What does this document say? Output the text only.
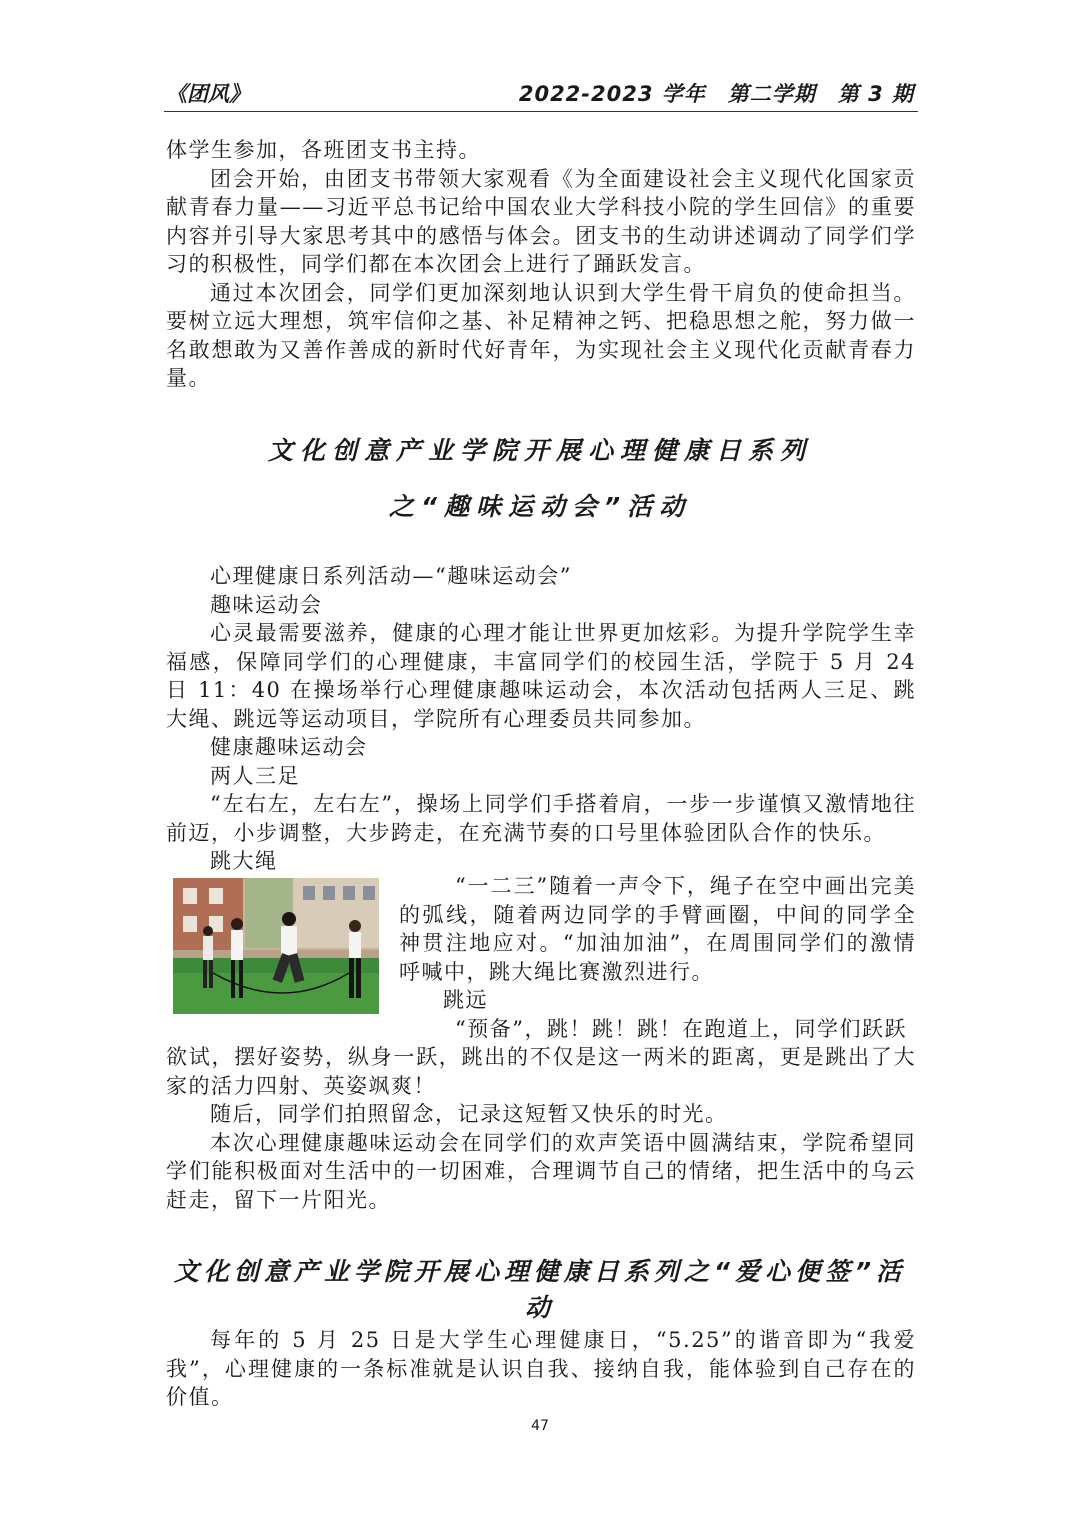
《团风》	2022-2023 学年　第二学期　第 3 期

体学生参加，各班团支书主持。

团会开始，由团支书带领大家观看《为全面建设社会主义现代化国家贡献青春力量——习近平总书记给中国农业大学科技小院的学生回信》的重要内容并引导大家思考其中的感悟与体会。团支书的生动讲述调动了同学们学习的积极性，同学们都在本次团会上进行了踊跃发言。

通过本次团会，同学们更加深刻地认识到大学生骨干肩负的使命担当。要树立远大理想，筑牢信仰之基、补足精神之钙、把稳思想之舵，努力做一名敢想敢为又善作善成的新时代好青年，为实现社会主义现代化贡献青春力量。

文化创意产业学院开展心理健康日系列
之“趣味运动会”活动

心理健康日系列活动—“趣味运动会”

趣味运动会

心灵最需要滋养，健康的心理才能让世界更加炫彩。为提升学院学生幸福感，保障同学们的心理健康，丰富同学们的校园生活，学院于 5 月 24 日 11：40 在操场举行心理健康趣味运动会，本次活动包括两人三足、跳大绳、跳远等运动项目，学院所有心理委员共同参加。

健康趣味运动会

两人三足

“左右左，左右左”，操场上同学们手搭着肩，一步一步谨慎又激情地往前迈，小步调整，大步跨走，在充满节奏的口号里体验团队合作的快乐。

跳大绳

“一二三”随着一声令下，绳子在空中画出完美的弧线，随着两边同学的手臂画圈，中间的同学全神贯注地应对。“加油加油”，在周围同学们的激情呼喊中，跳大绳比赛激烈进行。

跳远

“预备”，跳！跳！跳！在跑道上，同学们跃跃

欲试，摆好姿势，纵身一跃，跳出的不仅是这一两米的距离，更是跳出了大家的活力四射、英姿飒爽！

随后，同学们拍照留念，记录这短暂又快乐的时光。

本次心理健康趣味运动会在同学们的欢声笑语中圆满结束，学院希望同学们能积极面对生活中的一切困难，合理调节自己的情绪，把生活中的乌云赶走，留下一片阳光。

文化创意产业学院开展心理健康日系列之“爱心便签”活动

每年的 5 月 25 日是大学生心理健康日，“5.25”的谐音即为“我爱我”，心理健康的一条标准就是认识自我、接纳自我，能体验到自己存在的价值。

47
